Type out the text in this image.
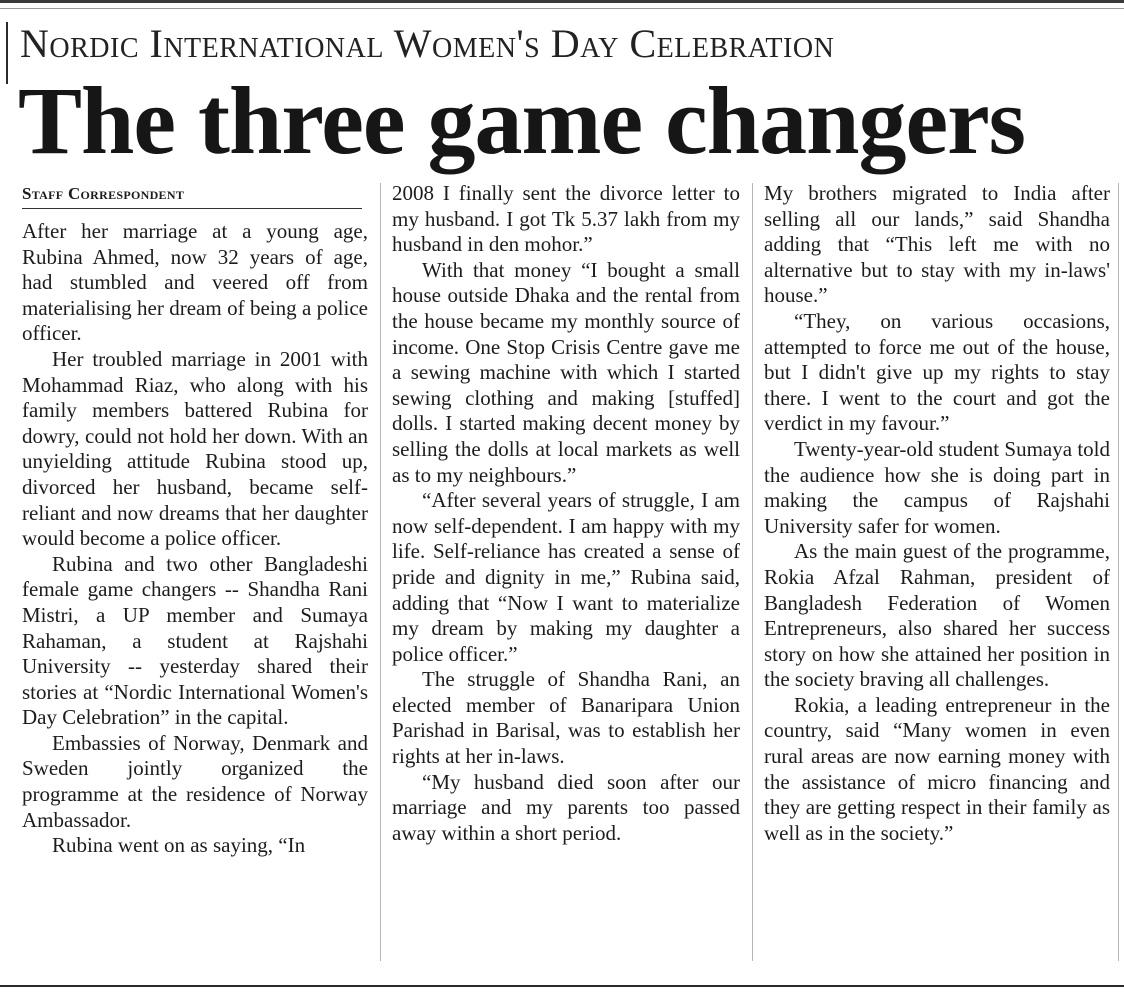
Nordic International Women's Day Celebration
The three game changers
Staff Correspondent

After her marriage at a young age, Rubina Ahmed, now 32 years of age, had stumbled and veered off from materialising her dream of being a police officer.

Her troubled marriage in 2001 with Mohammad Riaz, who along with his family members battered Rubina for dowry, could not hold her down. With an unyielding attitude Rubina stood up, divorced her husband, became self-reliant and now dreams that her daughter would become a police officer.

Rubina and two other Bangladeshi female game changers -- Shandha Rani Mistri, a UP member and Sumaya Rahaman, a student at Rajshahi University -- yesterday shared their stories at “Nordic International Women's Day Celebration” in the capital.

Embassies of Norway, Denmark and Sweden jointly organized the programme at the residence of Norway Ambassador.

Rubina went on as saying, “In

2008 I finally sent the divorce letter to my husband. I got Tk 5.37 lakh from my husband in den mohor.”

With that money “I bought a small house outside Dhaka and the rental from the house became my monthly source of income. One Stop Crisis Centre gave me a sewing machine with which I started sewing clothing and making [stuffed] dolls. I started making decent money by selling the dolls at local markets as well as to my neighbours.”

“After several years of struggle, I am now self-dependent. I am happy with my life. Self-reliance has created a sense of pride and dignity in me,” Rubina said, adding that “Now I want to materialize my dream by making my daughter a police officer.”

The struggle of Shandha Rani, an elected member of Banaripara Union Parishad in Barisal, was to establish her rights at her in-laws.

“My husband died soon after our marriage and my parents too passed away within a short period.

My brothers migrated to India after selling all our lands,” said Shandha adding that “This left me with no alternative but to stay with my in-laws' house.”

“They, on various occasions, attempted to force me out of the house, but I didn't give up my rights to stay there. I went to the court and got the verdict in my favour.”

Twenty-year-old student Sumaya told the audience how she is doing part in making the campus of Rajshahi University safer for women.

As the main guest of the programme, Rokia Afzal Rahman, president of Bangladesh Federation of Women Entrepreneurs, also shared her success story on how she attained her position in the society braving all challenges.

Rokia, a leading entrepreneur in the country, said “Many women in even rural areas are now earning money with the assistance of micro financing and they are getting respect in their family as well as in the society.”
